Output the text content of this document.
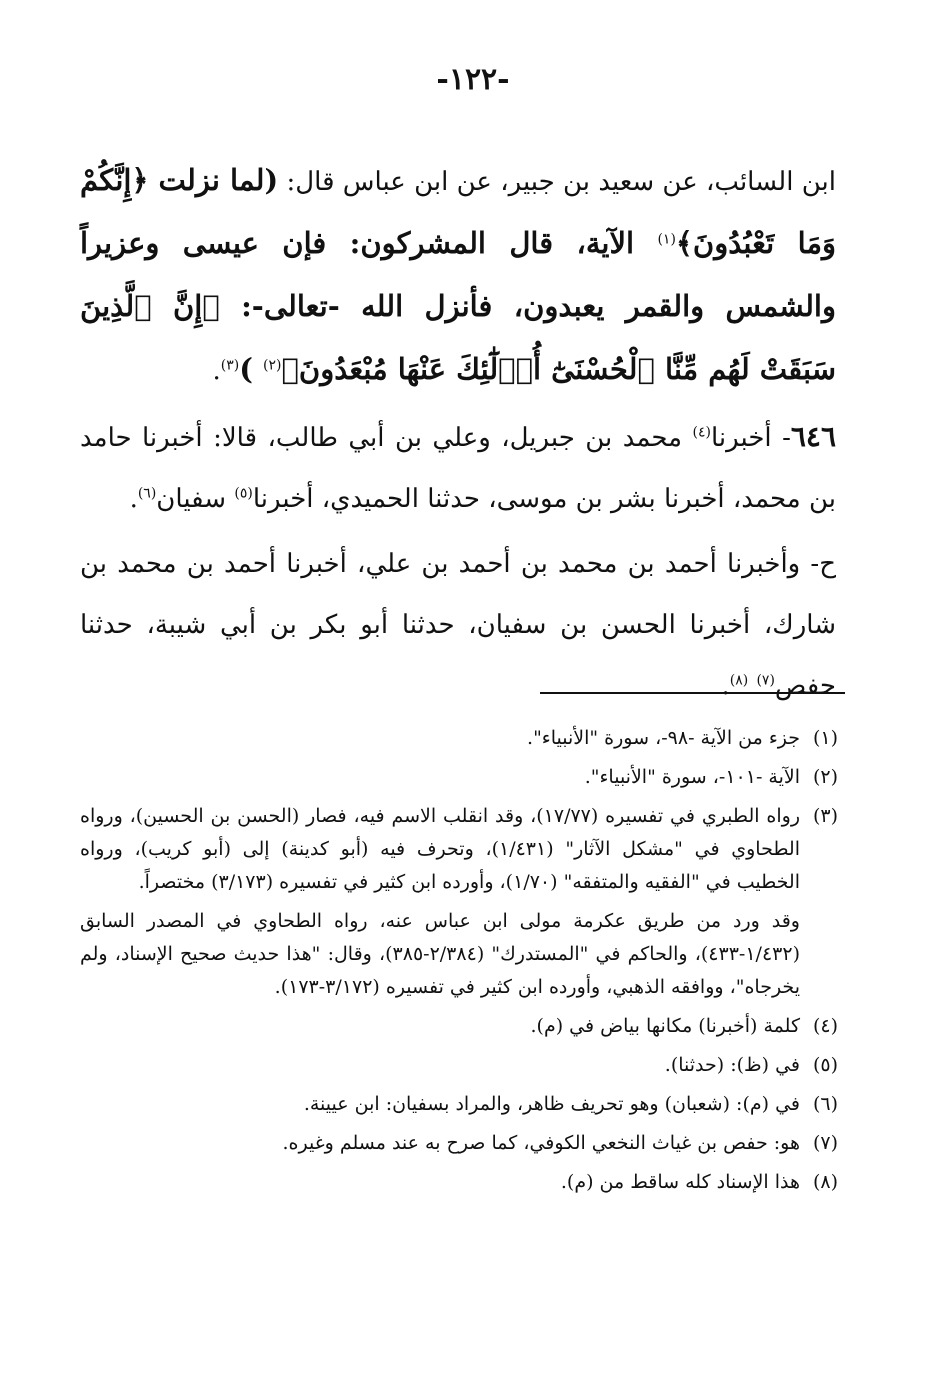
-١٢٢-

ابن السائب، عن سعيد بن جبير، عن ابن عباس قال: (لما نزلت ﴿إِنَّكُمْ وَمَا تَعْبُدُونَ﴾$^{(١)}$ الآية، قال المشركون: فإن عيسى وعزيراً والشمس والقمر يعبدون، فأنزل الله -تعالى-: ﴿إِنَّ ٱلَّذِينَ سَبَقَتْ لَهُم مِّنَّا ٱلْحُسْنَىٰٓ أُو۟لَٰٓئِكَ عَنْهَا مُبْعَدُونَ﴾$^{(٢)}$ )$^{(٣)}$.

٦٤٦- أخبرنا$^{(٤)}$ محمد بن جبريل، وعلي بن أبي طالب، قالا: أخبرنا حامد بن محمد، أخبرنا بشر بن موسى، حدثنا الحميدي، أخبرنا$^{(٥)}$ سفيان$^{(٦)}$.

ح- وأخبرنا أحمد بن محمد بن أحمد بن علي، أخبرنا أحمد بن محمد بن شارك، أخبرنا الحسن بن سفيان، حدثنا أبو بكر بن أبي شيبة، حدثنا حفص$^{(٧)}$ $^{(٨)}$.

(١)
جزء من الآية -٩٨-، سورة "الأنبياء".
(٢)
الآية -١٠١-، سورة "الأنبياء".
(٣)
رواه الطبري في تفسيره (١٧/٧٧)، وقد انقلب الاسم فيه، فصار (الحسن بن الحسين)، ورواه الطحاوي في "مشكل الآثار" (١/٤٣١)، وتحرف فيه (أبو كدينة) إلى (أبو كريب)، ورواه الخطيب في "الفقيه والمتفقه" (١/٧٠)، وأورده ابن كثير في تفسيره (٣/١٧٣) مختصراً.
وقد ورد من طريق عكرمة مولى ابن عباس عنه، رواه الطحاوي في المصدر السابق (١/٤٣٢-٤٣٣)، والحاكم في "المستدرك" (٢/٣٨٤-٣٨٥)، وقال: "هذا حديث صحيح الإسناد، ولم يخرجاه"، ووافقه الذهبي، وأورده ابن كثير في تفسيره (٣/١٧٢-١٧٣).
(٤)
كلمة (أخبرنا) مكانها بياض في (م).
(٥)
في (ظ): (حدثنا).
(٦)
في (م): (شعبان) وهو تحريف ظاهر، والمراد بسفيان: ابن عيينة.
(٧)
هو: حفص بن غياث النخعي الكوفي، كما صرح به عند مسلم وغيره.
(٨)
هذا الإسناد كله ساقط من (م).
